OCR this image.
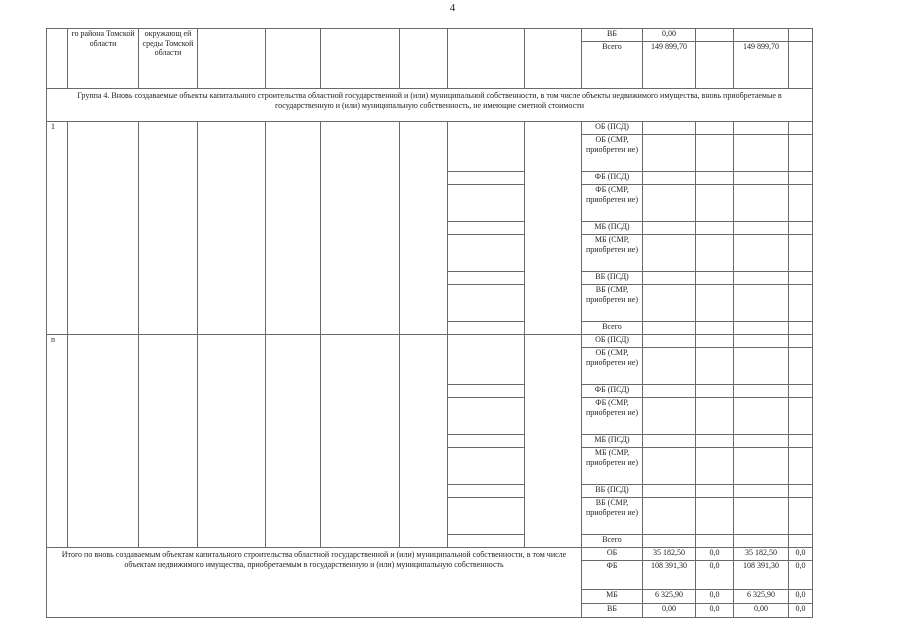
4
	го района Томской области	окружающ ей среды Томской области							ВБ	0,00			
									Всего	149 899,70		149 899,70	
Группа 4. Вновь создаваемые объекты капитального строительства областной государственной и (или) муниципальной собственности, в том числе объекты недвижимого имущества, вновь приобретаемые в государственную и (или) муниципальную собственность, не имеющие сметной стоимости													
1									ОБ (ПСД)				
									ОБ (СМР, приобретен ие)				
									ФБ (ПСД)				
									ФБ (СМР, приобретен ие)				
									МБ (ПСД)				
									МБ (СМР, приобретен ие)				
									ВБ (ПСД)				
									ВБ (СМР, приобретен ие)				
									Всего				
n									ОБ (ПСД)				
									ОБ (СМР, приобретен ие)				
									ФБ (ПСД)				
									ФБ (СМР, приобретен ие)				
									МБ (ПСД)				
									МБ (СМР, приобретен ие)				
									ВБ (ПСД)				
									ВБ (СМР, приобретен ие)				
									Всего				
Итого по вновь создаваемым объектам капитального строительства областной государственной и (или) муниципальной собственности, в том числе объектам недвижимого имущества, приобретаемым в государственную и (или) муниципальную собственность									ОБ	35 182,50	0,0	35 182,50	0,0
									ФБ	108 391,30	0,0	108 391,30	0,0
									МБ	6 325,90	0,0	6 325,90	0,0
									ВБ	0,00	0,0	0,00	0,0
